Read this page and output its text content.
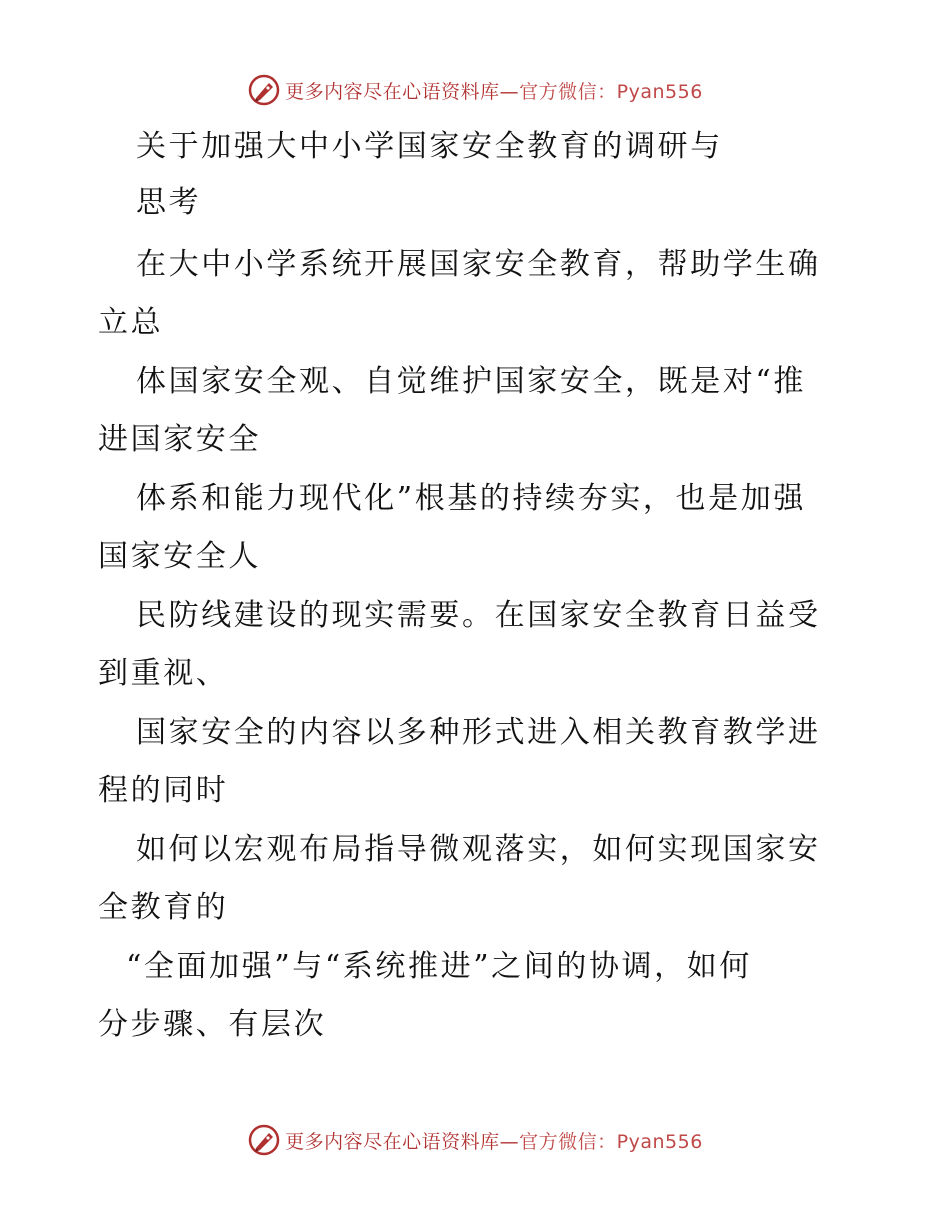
更多内容尽在心语资料库—官方微信：Pyan556
关于加强大中小学国家安全教育的调研与
思考
在大中小学系统开展国家安全教育，帮助学生确
立总
体国家安全观、自觉维护国家安全，既是对“推
进国家安全
体系和能力现代化”根基的持续夯实，也是加强
国家安全人
民防线建设的现实需要。在国家安全教育日益受
到重视、
国家安全的内容以多种形式进入相关教育教学进
程的同时
如何以宏观布局指导微观落实，如何实现国家安
全教育的
“全面加强”与“系统推进”之间的协调，如何
分步骤、有层次
更多内容尽在心语资料库—官方微信：Pyan556
